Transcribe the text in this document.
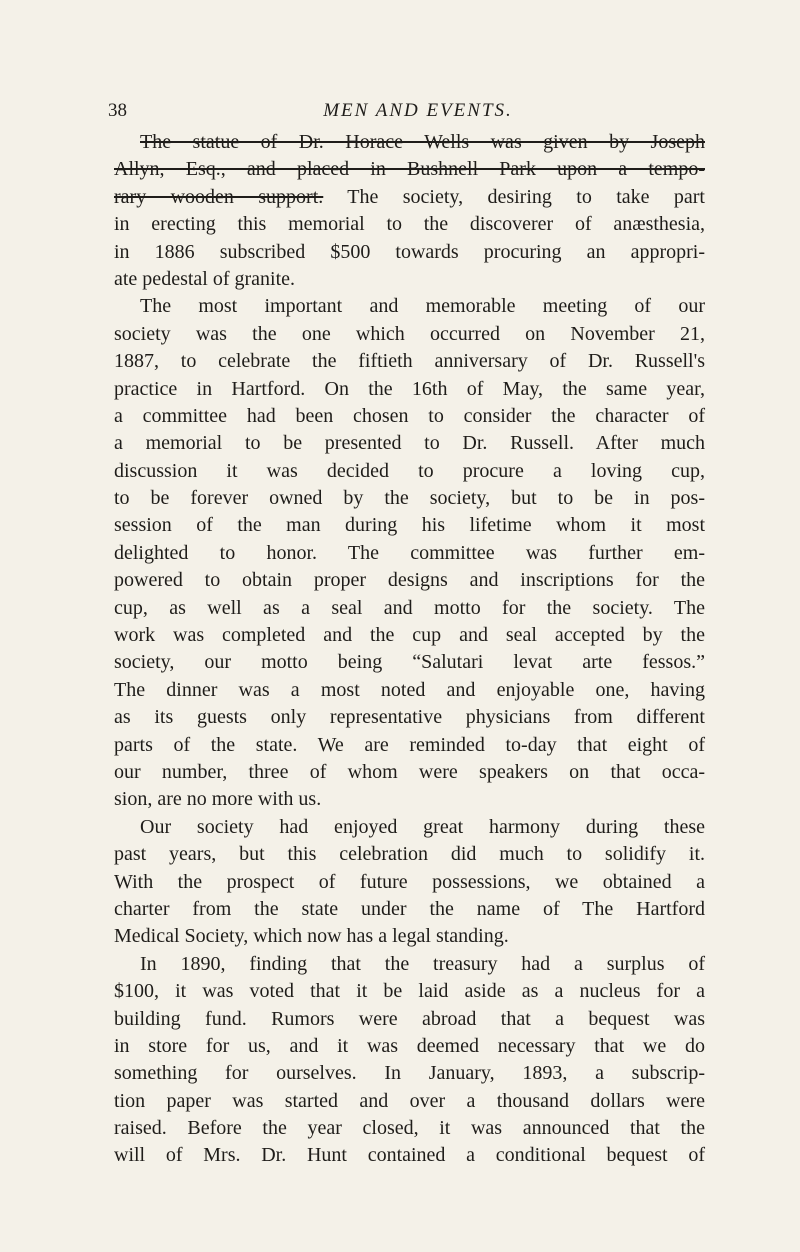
38	MEN AND EVENTS.
The statue of Dr. Horace Wells was given by Joseph
Allyn, Esq., and placed in Bushnell Park upon a tempo-
rary wooden support. The society, desiring to take part
in erecting this memorial to the discoverer of anæsthesia,
in 1886 subscribed $500 towards procuring an appropri-
ate pedestal of granite.
The most important and memorable meeting of our
society was the one which occurred on November 21,
1887, to celebrate the fiftieth anniversary of Dr. Russell's
practice in Hartford. On the 16th of May, the same year,
a committee had been chosen to consider the character of
a memorial to be presented to Dr. Russell. After much
discussion it was decided to procure a loving cup,
to be forever owned by the society, but to be in pos-
session of the man during his lifetime whom it most
delighted to honor. The committee was further em-
powered to obtain proper designs and inscriptions for the
cup, as well as a seal and motto for the society. The
work was completed and the cup and seal accepted by the
society, our motto being “Salutari levat arte fessos.”
The dinner was a most noted and enjoyable one, having
as its guests only representative physicians from different
parts of the state. We are reminded to-day that eight of
our number, three of whom were speakers on that occa-
sion, are no more with us.
Our society had enjoyed great harmony during these
past years, but this celebration did much to solidify it.
With the prospect of future possessions, we obtained a
charter from the state under the name of The Hartford
Medical Society, which now has a legal standing.
In 1890, finding that the treasury had a surplus of
$100, it was voted that it be laid aside as a nucleus for a
building fund. Rumors were abroad that a bequest was
in store for us, and it was deemed necessary that we do
something for ourselves. In January, 1893, a subscrip-
tion paper was started and over a thousand dollars were
raised. Before the year closed, it was announced that the
will of Mrs. Dr. Hunt contained a conditional bequest of
